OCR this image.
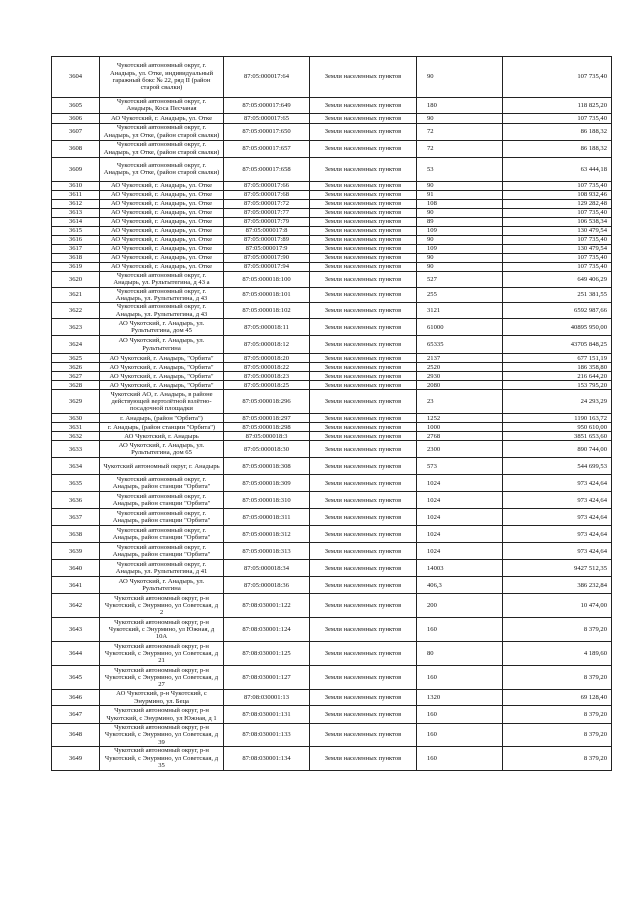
3604	Чукотский автономный округ, г. Анадырь, ул. Отке, индивидуальный гаражный бокс № 22, ряд II (район старой свалки)	87:05:000017:64	Земли населенных пунктов	90	107 735,40
3605	Чукотский автономный округ, г. Анадырь, Коса Песчаная	87:05:000017:649	Земли населенных пунктов	180	118 825,20
3606	АО Чукотский, г. Анадырь, ул. Отке	87:05:000017:65	Земли населенных пунктов	90	107 735,40
3607	Чукотский автономный округ, г. Анадырь, ул Отке, (район старой свалки)	87:05:000017:650	Земли населенных пунктов	72	86 188,32
3608	Чукотский автономный округ, г. Анадырь, ул Отке, (район старой свалки)	87:05:000017:657	Земли населенных пунктов	72	86 188,32
3609	Чукотский автономный округ, г. Анадырь, ул Отке, (район старой свалки)	87:05:000017:658	Земли населенных пунктов	53	63 444,18
3610	АО Чукотский, г. Анадырь, ул. Отке	87:05:000017:66	Земли населенных пунктов	90	107 735,40
3611	АО Чукотский, г. Анадырь, ул. Отке	87:05:000017:68	Земли населенных пунктов	91	108 932,46
3612	АО Чукотский, г. Анадырь, ул. Отке	87:05:000017:72	Земли населенных пунктов	108	129 282,48
3613	АО Чукотский, г. Анадырь, ул. Отке	87:05:000017:77	Земли населенных пунктов	90	107 735,40
3614	АО Чукотский, г. Анадырь, ул. Отке	87:05:000017:79	Земли населенных пунктов	89	106 538,34
3615	АО Чукотский, г. Анадырь, ул. Отке	87:05:000017:8	Земли населенных пунктов	109	130 479,54
3616	АО Чукотский, г. Анадырь, ул. Отке	87:05:000017:89	Земли населенных пунктов	90	107 735,40
3617	АО Чукотский, г. Анадырь, ул. Отке	87:05:000017:9	Земли населенных пунктов	109	130 479,54
3618	АО Чукотский, г. Анадырь, ул. Отке	87:05:000017:90	Земли населенных пунктов	90	107 735,40
3619	АО Чукотский, г. Анадырь, ул. Отке	87:05:000017:94	Земли населенных пунктов	90	107 735,40
3620	Чукотский автономный округ, г. Анадырь, ул. Рультытегина, д 43 а	87:05:000018:100	Земли населенных пунктов	527	649 406,29
3621	Чукотский автономный округ, г. Анадырь, ул. Рультытегина, д 43	87:05:000018:101	Земли населенных пунктов	255	251 381,55
3622	Чукотский автономный округ, г. Анадырь, ул. Рультытегина, д 43	87:05:000018:102	Земли населенных пунктов	3121	6592 987,66
3623	АО Чукотский, г. Анадырь, ул. Рультытегина, дом 45	87:05:000018:11	Земли населенных пунктов	61000	40895 950,00
3624	АО Чукотский, г. Анадырь, ул. Рультытегина	87:05:000018:12	Земли населенных пунктов	65335	43705 848,25
3625	АО Чукотский, г. Анадырь, "Орбита"	87:05:000018:20	Земли населенных пунктов	2137	677 151,19
3626	АО Чукотский, г. Анадырь, "Орбита"	87:05:000018:22	Земли населенных пунктов	2520	186 358,80
3627	АО Чукотский, г. Анадырь, "Орбита"	87:05:000018:23	Земли населенных пунктов	2930	216 644,20
3628	АО Чукотский, г. Анадырь, "Орбита"	87:05:000018:25	Земли населенных пунктов	2080	153 795,20
3629	Чукотский АО, г. Анадырь, в районе действующей вертолётной взлётно-посадочной площадки	87:05:000018:296	Земли населенных пунктов	23	24 293,29
3630	г. Анадырь, (район "Орбита")	87:05:000018:297	Земли населенных пунктов	1252	1190 163,72
3631	г. Анадырь, (район станции "Орбита")	87:05:000018:298	Земли населенных пунктов	1000	950 610,00
3632	АО Чукотский, г. Анадырь	87:05:000018:3	Земли населенных пунктов	2768	3851 653,60
3633	АО Чукотский, г. Анадырь, ул. Рультытегина, дом 65	87:05:000018:30	Земли населенных пунктов	2300	890 744,00
3634	Чукотский автономный округ, г. Анадырь	87:05:000018:308	Земли населенных пунктов	573	544 699,53
3635	Чукотский автономный округ, г. Анадырь, район станции "Орбита"	87:05:000018:309	Земли населенных пунктов	1024	973 424,64
3636	Чукотский автономный округ, г. Анадырь, район станции "Орбита"	87:05:000018:310	Земли населенных пунктов	1024	973 424,64
3637	Чукотский автономный округ, г. Анадырь, район станции "Орбита"	87:05:000018:311	Земли населенных пунктов	1024	973 424,64
3638	Чукотский автономный округ, г. Анадырь, район станции "Орбита"	87:05:000018:312	Земли населенных пунктов	1024	973 424,64
3639	Чукотский автономный округ, г. Анадырь, район станции "Орбита"	87:05:000018:313	Земли населенных пунктов	1024	973 424,64
3640	Чукотский автономный округ, г. Анадырь, ул. Рультытегина, д 41	87:05:000018:34	Земли населенных пунктов	14003	9427 512,35
3641	АО Чукотский, г. Анадырь, ул. Рультытегина	87:05:000018:36	Земли населенных пунктов	406,3	386 232,84
3642	Чукотский автономный округ, р-н Чукотский, с Энурмино, ул Советская, д 2	87:08:030001:122	Земли населенных пунктов	200	10 474,00
3643	Чукотский автономный округ, р-н Чукотский, с Энурмино, ул Южная, д 10А	87:08:030001:124	Земли населенных пунктов	160	8 379,20
3644	Чукотский автономный округ, р-н Чукотский, с Энурмино, ул Советская, д 21	87:08:030001:125	Земли населенных пунктов	80	4 189,60
3645	Чукотский автономный округ, р-н Чукотский, с Энурмино, ул Советская, д 27	87:08:030001:127	Земли населенных пунктов	160	8 379,20
3646	АО Чукотский, р-н Чукотский, с Энурмино, ул. Беца	87:08:030001:13	Земли населенных пунктов	1320	69 128,40
3647	Чукотский автономный округ, р-н Чукотский, с Энурмино, ул Южная, д 1	87:08:030001:131	Земли населенных пунктов	160	8 379,20
3648	Чукотский автономный округ, р-н Чукотский, с Энурмино, ул Советская, д 39	87:08:030001:133	Земли населенных пунктов	160	8 379,20
3649	Чукотский автономный округ, р-н Чукотский, с Энурмино, ул Советская, д 35	87:08:030001:134	Земли населенных пунктов	160	8 379,20
